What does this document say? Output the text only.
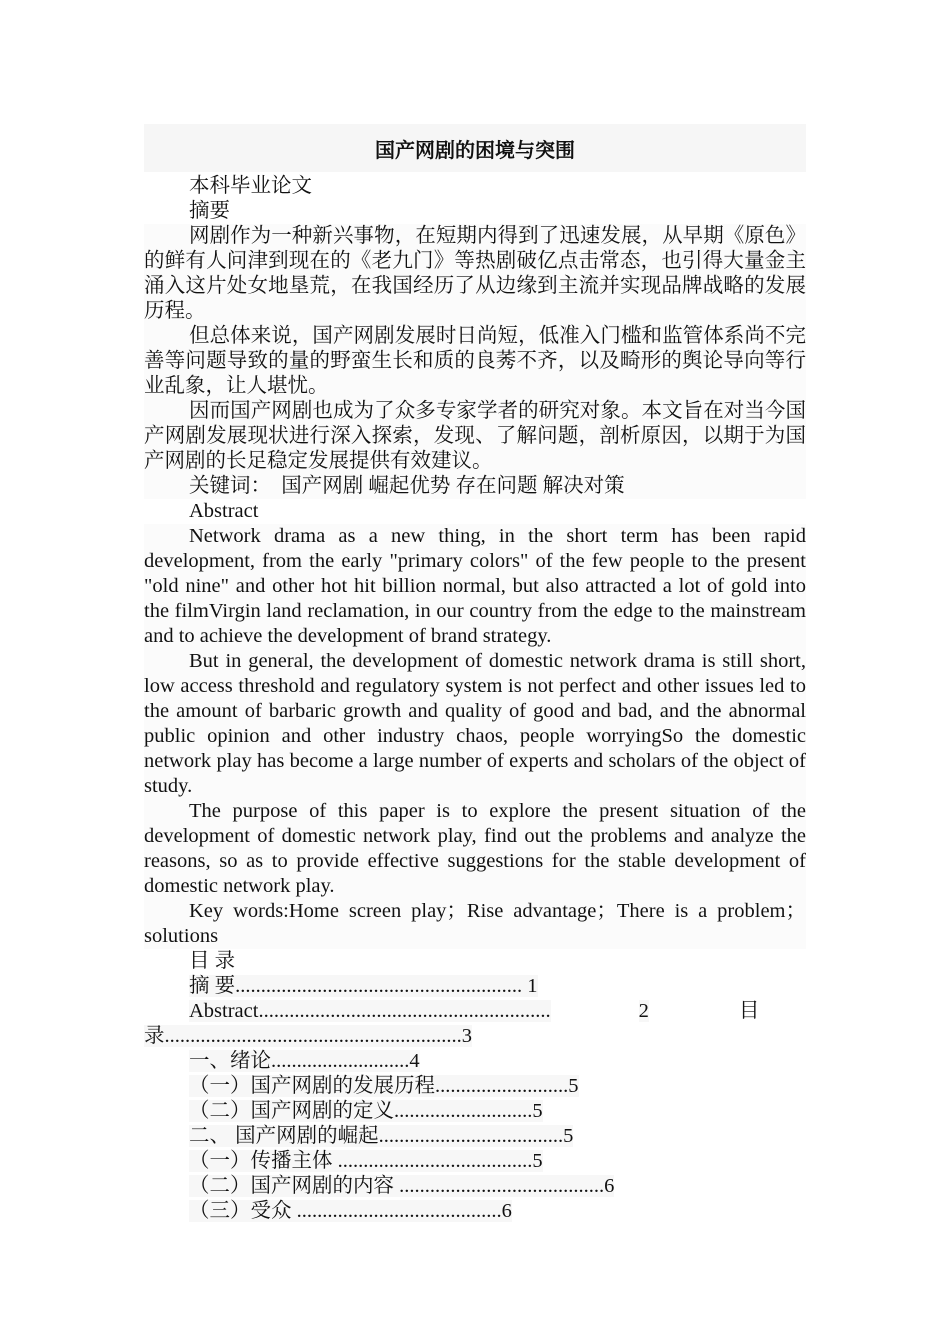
国产网剧的困境与突围

本科毕业论文

摘要

网剧作为一种新兴事物，在短期内得到了迅速发展，从早期《原色》的鲜有人问津到现在的《老九门》等热剧破亿点击常态，也引得大量金主涌入这片处女地垦荒，在我国经历了从边缘到主流并实现品牌战略的发展历程。

但总体来说，国产网剧发展时日尚短，低准入门槛和监管体系尚不完善等问题导致的量的野蛮生长和质的良莠不齐，以及畸形的舆论导向等行业乱象，让人堪忧。

因而国产网剧也成为了众多专家学者的研究对象。本文旨在对当今国产网剧发展现状进行深入探索，发现、了解问题，剖析原因，以期于为国产网剧的长足稳定发展提供有效建议。

关键词：  国产网剧 崛起优势 存在问题 解决对策

Abstract

Network drama as a new thing, in the short term has been rapid development, from the early "primary colors" of the few people to the present "old nine" and other hot hit billion normal, but also attracted a lot of gold into the filmVirgin land reclamation, in our country from the edge to the mainstream and to achieve the development of brand strategy.

But in general, the development of domestic network drama is still short, low access threshold and regulatory system is not perfect and other issues led to the amount of barbaric growth and quality of good and bad, and the abnormal public opinion and other industry chaos, people worryingSo the domestic network play has become a large number of experts and scholars of the object of study.

The purpose of this paper is to explore the present situation of the development of domestic network play, find out the problems and analyze the reasons, so as to provide effective suggestions for the stable development of domestic network play.

Key words:Home screen play；Rise advantage；There is a problem；solutions

目 录

摘 要........................................................ 1

Abstract.........................................................	2	目

录..........................................................3

一、绪论...........................4

（一）国产网剧的发展历程..........................5

（二）国产网剧的定义...........................5

二、 国产网剧的崛起....................................5

（一）传播主体 ......................................5

（二）国产网剧的内容 ........................................6

（三）受众 ........................................6
